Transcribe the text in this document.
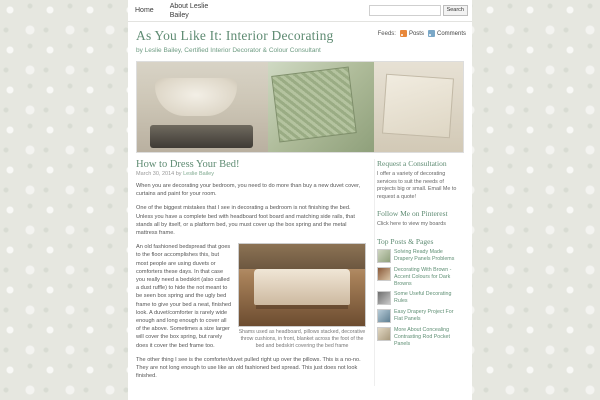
Home
About Leslie Bailey
Search
As You Like It: Interior Decorating
by Leslie Bailey, Certified Interior Decorator & Colour Consultant
Feeds: Posts Comments
How to Dress Your Bed!
March 30, 2014 by Leslie Bailey

When you are decorating your bedroom, you need to do more than buy a new duvet cover, curtains and paint for your room.

One of the biggest mistakes that I see in decorating a bedroom is not finishing the bed. Unless you have a complete bed with headboard foot board and matching side rails, that stands all by itself, or a platform bed, you must cover up the box spring and the metal mattress frame.

Shams used as headboard, pillows stacked, decorative throw cushions, in front, blanket across the foot of the bed and bedskirt covering the bed frame

An old fashioned bedspread that goes to the floor accomplishes this, but most people are using duvets or comforters these days. In that case you really need a bedskirt (also called a dust ruffle) to hide the not meant to be seen box spring and the ugly bed frame to give your bed a neat, finished look. A duvet/comforter is rarely wide enough and long enough to cover all of the above. Sometimes a size larger will cover the box spring, but rarely does it cover the bed frame too.

The other thing I see is the comforter/duvet pulled right up over the pillows. This is a no-no. They are not long enough to use like an old fashioned bed spread. This just does not look finished.

Request a Consultation

I offer a variety of decorating services to suit the needs of projects big or small. Email Me to request a quote!

Follow Me on Pinterest

Click here to view my boards

Top Posts & Pages
Solving Ready Made Drapery Panels Problems
Decorating With Brown - Accent Colours for Dark Browns
Some Useful Decorating Rules
Easy Drapery Project For Flat Panels
More About Concealing Contrasting Rod Pocket Panels
